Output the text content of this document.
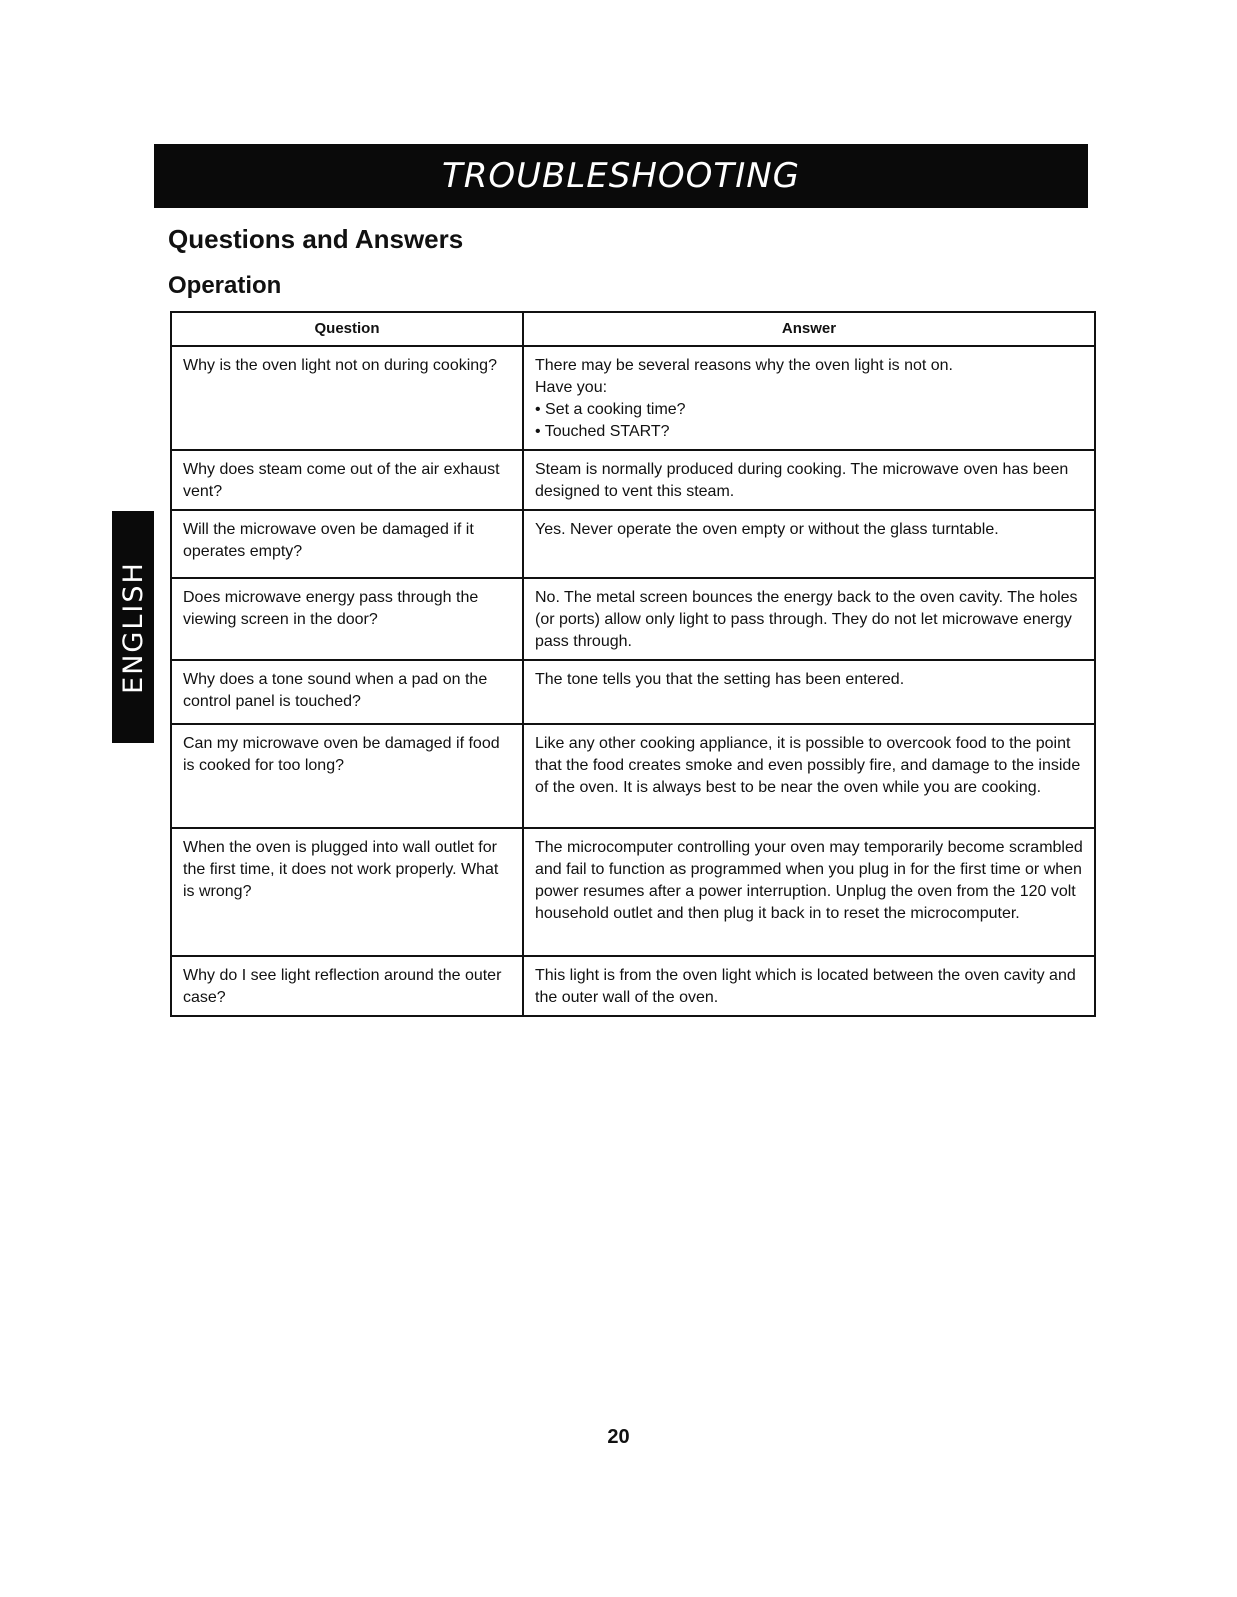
TROUBLESHOOTING
Questions and Answers
Operation
ENGLISH
Question	Answer
Why is the oven light not on during cooking?	There may be several reasons why the oven light is not on.
Have you:
• Set a cooking time?
• Touched START?

Why does steam come out of the air exhaust vent?	Steam is normally produced during cooking. The microwave oven has been designed to vent this steam.
Will the microwave oven be damaged if it operates empty?	Yes. Never operate the oven empty or without the glass turntable.
Does microwave energy pass through the viewing screen in the door?	No. The metal screen bounces the energy back to the oven cavity. The holes (or ports) allow only light to pass through. They do not let microwave energy pass through.
Why does a tone sound when a pad on the control panel is touched?	The tone tells you that the setting has been entered.
Can my microwave oven be damaged if food is cooked for too long?	Like any other cooking appliance, it is possible to overcook food to the point that the food creates smoke and even possibly fire, and damage to the inside of the oven. It is always best to be near the oven while you are cooking.
When the oven is plugged into wall outlet for the first time, it does not work properly. What is wrong?	The microcomputer controlling your oven may temporarily become scrambled and fail to function as programmed when you plug in for the first time or when power resumes after a power interruption. Unplug the oven from the 120 volt household outlet and then plug it back in to reset the microcomputer.
Why do I see light reflection around the outer case?	This light is from the oven light which is located between the oven cavity and the outer wall of the oven.
20
